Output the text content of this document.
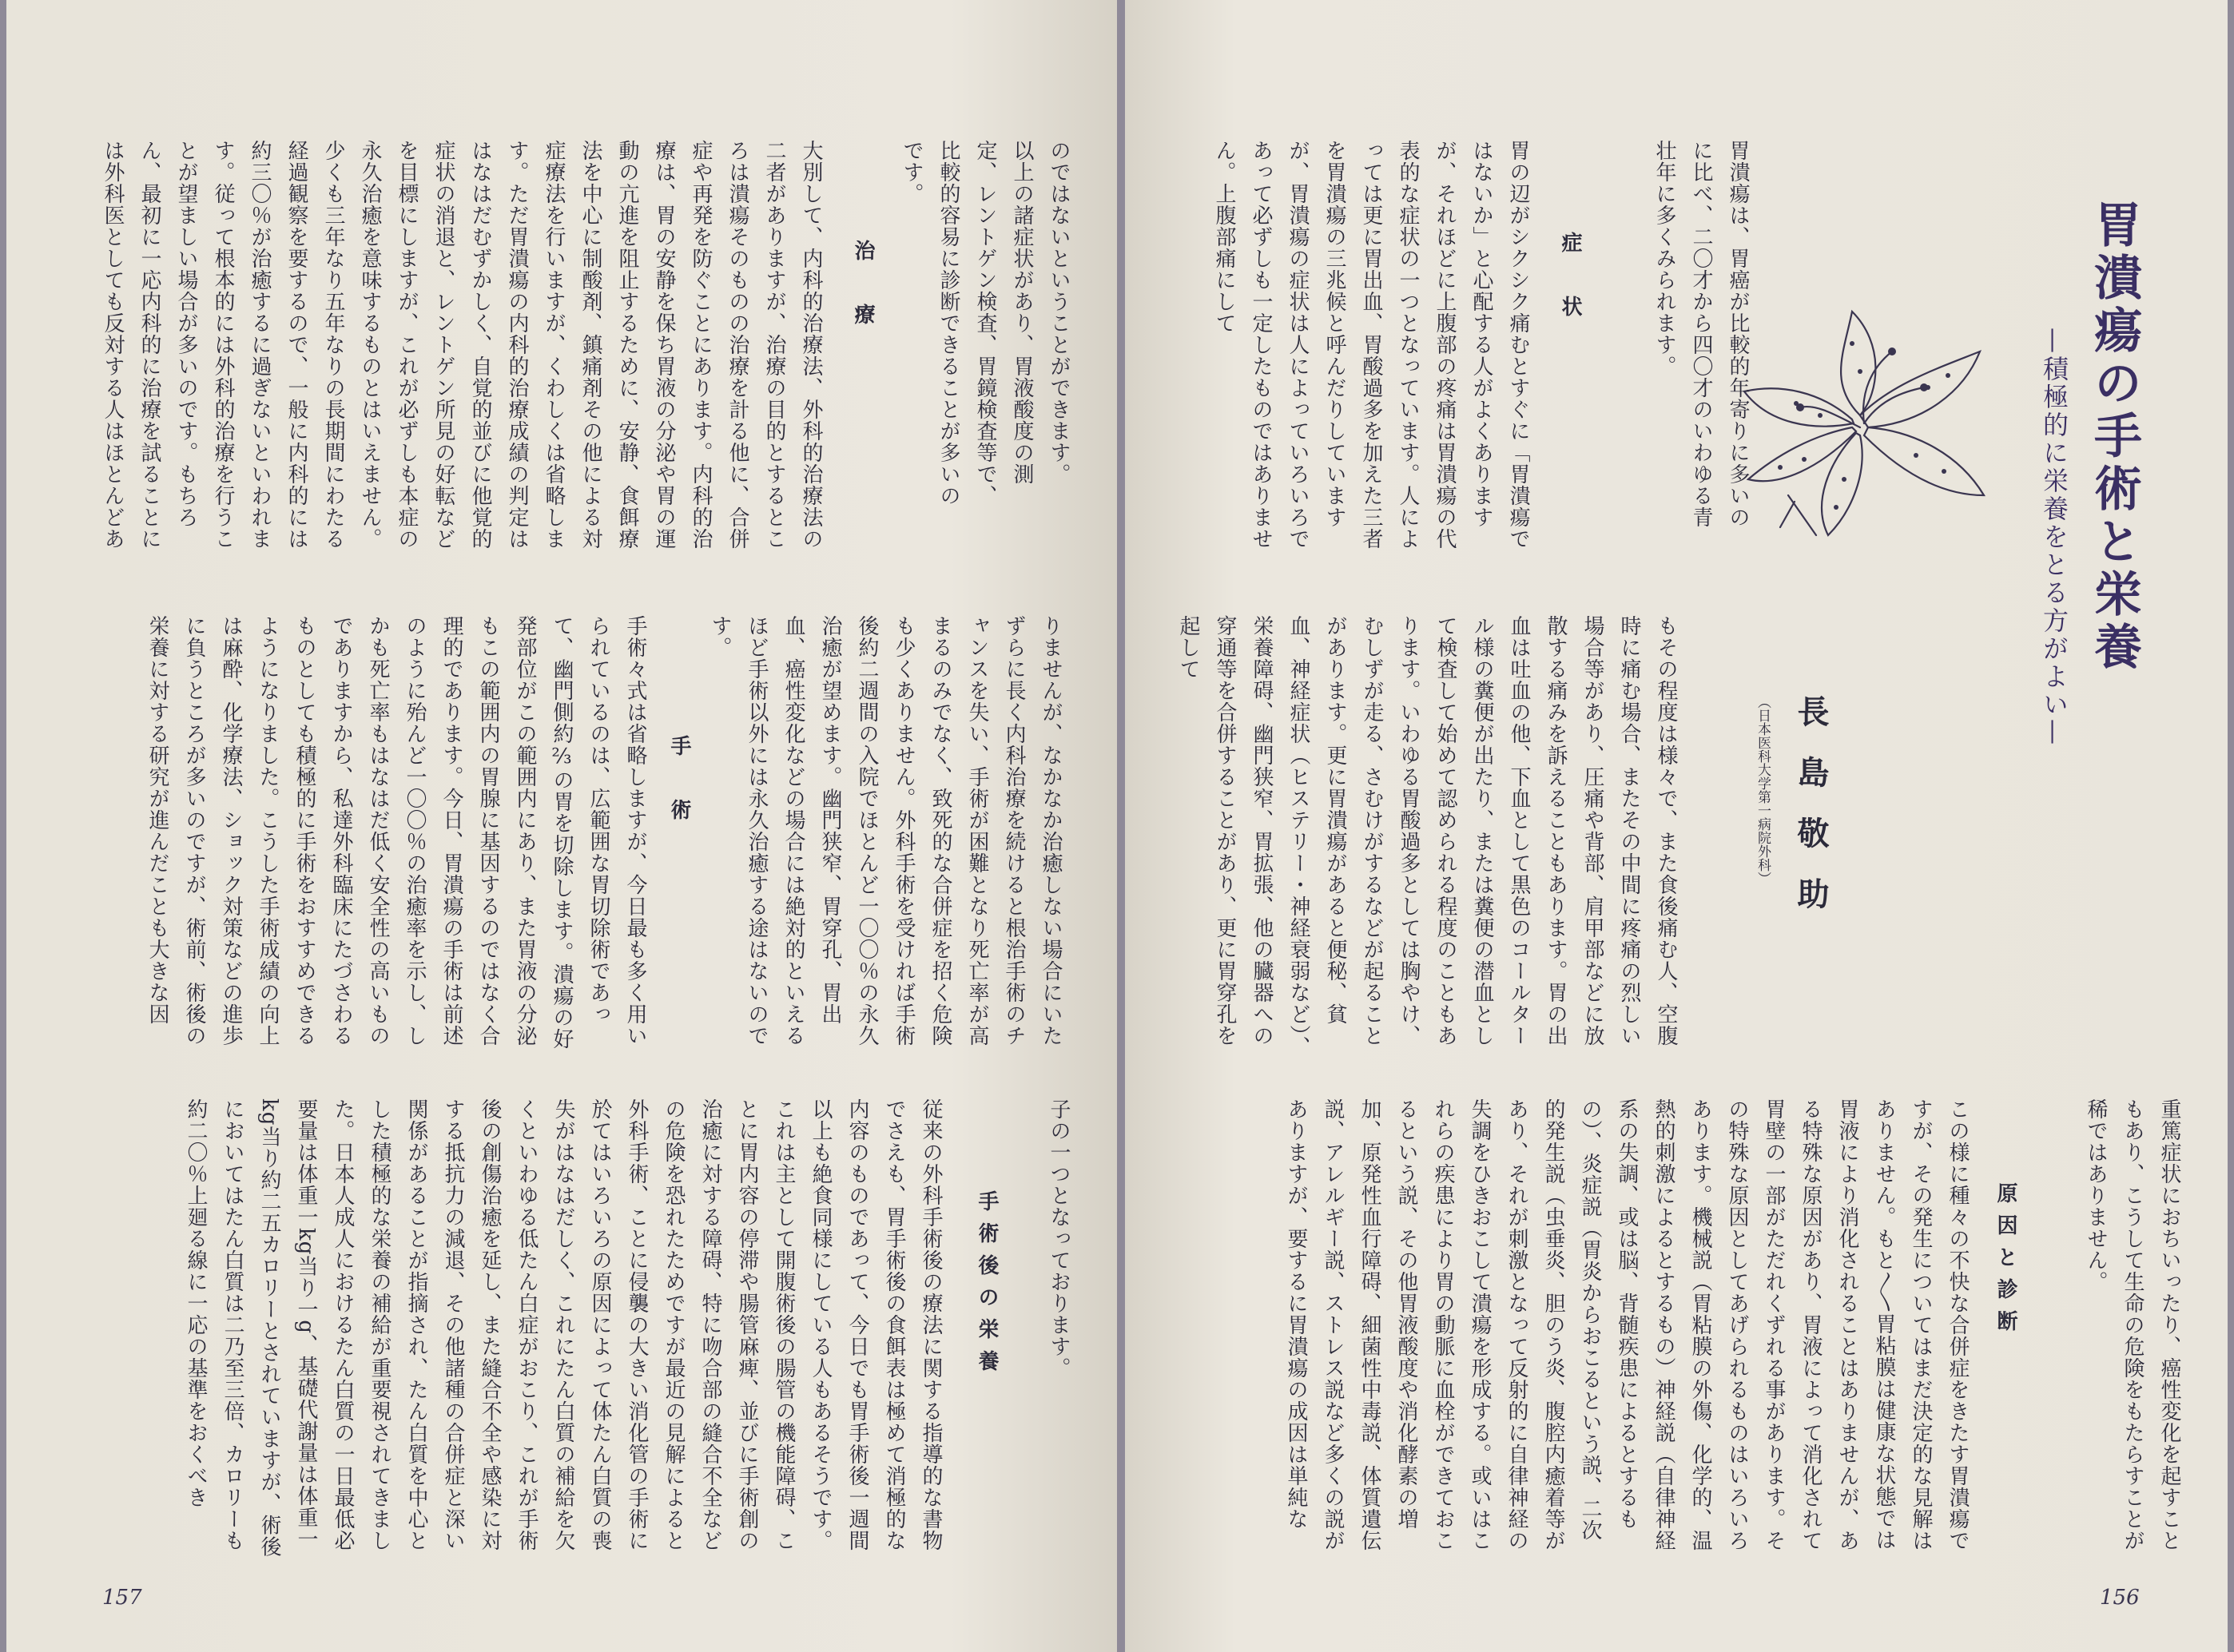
のではないということができます。
以上の諸症状があり、胃液酸度の測定、レントゲン検査、胃鏡検査等で、比較的容易に診断できることが多いのです。
治　療
大別して、内科的治療法、外科的治療法の二者がありますが、治療の目的とするところは潰瘍そのものの治療を計る他に、合併症や再発を防ぐことにあります。内科的治療は、胃の安静を保ち胃液の分泌や胃の運動の亢進を阻止するために、安静、食餌療法を中心に制酸剤、鎮痛剤その他による対症療法を行いますが、くわしくは省略します。ただ胃潰瘍の内科的治療成績の判定ははなはだむずかしく、自覚的並びに他覚的症状の消退と、レントゲン所見の好転などを目標にしますが、これが必ずしも本症の永久治癒を意味するものとはいえません。少くも三年なり五年なりの長期間にわたる経過観察を要するので、一般に内科的には約三〇％が治癒するに過ぎないといわれます。従って根本的には外科的治療を行うことが望ましい場合が多いのです。もちろん、最初に一応内科的に治療を試ることには外科医としても反対する人はほとんどあ
りませんが、なかなか治癒しない場合にいたずらに長く内科治療を続けると根治手術のチャンスを失い、手術が困難となり死亡率が高まるのみでなく、致死的な合併症を招く危険も少くありません。外科手術を受ければ手術後約二週間の入院でほとんど一〇〇％の永久治癒が望めます。幽門狭窄、胃穿孔、胃出血、癌性変化などの場合には絶対的といえるほど手術以外には永久治癒する途はないのです。
手　術
手術々式は省略しますが、今日最も多く用いられているのは、広範囲な胃切除術であって、幽門側約⅔の胃を切除します。潰瘍の好発部位がこの範囲内にあり、また胃液の分泌もこの範囲内の胃腺に基因するのではなく合理的であります。今日、胃潰瘍の手術は前述のように殆んど一〇〇％の治癒率を示し、しかも死亡率もはなはだ低く安全性の高いものでありますから、私達外科臨床にたづさわるものとしても積極的に手術をおすすめできるようになりました。こうした手術成績の向上は麻酔、化学療法、ショック対策などの進歩に負うところが多いのですが、術前、術後の栄養に対する研究が進んだことも大きな因
子の一つとなっております。
手術後の栄養
従来の外科手術後の療法に関する指導的な書物でさえも、胃手術後の食餌表は極めて消極的な内容のものであって、今日でも胃手術後一週間以上も絶食同様にしている人もあるそうです。これは主として開腹術後の腸管の機能障碍、ことに胃内容の停滞や腸管麻痺、並びに手術創の治癒に対する障碍、特に吻合部の縫合不全などの危険を恐れたためですが最近の見解によると外科手術、ことに侵襲の大きい消化管の手術に於てはいろいろの原因によって体たん白質の喪失がはなはだしく、これにたん白質の補給を欠くといわゆる低たん白症がおこり、これが手術後の創傷治癒を延し、また縫合不全や感染に対する抵抗力の減退、その他諸種の合併症と深い関係があることが指摘され、たん白質を中心とした積極的な栄養の補給が重要視されてきました。日本人成人におけるたん白質の一日最低必要量は体重一kg当り一g、基礎代謝量は体重一kg当り約二五カロリーとされていますが、術後においてはたん白質は二乃至三倍、カロリーも約二〇％上廻る線に一応の基準をおくべき
157
胃潰瘍の手術と栄養
—積極的に栄養をとる方がよい—
長島敬助
（日本医科大学第一病院外科）
胃潰瘍は、胃癌が比較的年寄りに多いのに比べ、二〇才から四〇才のいわゆる青壮年に多くみられます。
症　状
胃の辺がシクシク痛むとすぐに「胃潰瘍ではないか」と心配する人がよくありますが、それほどに上腹部の疼痛は胃潰瘍の代表的な症状の一つとなっています。人によっては更に胃出血、胃酸過多を加えた三者を胃潰瘍の三兆候と呼んだりしていますが、胃潰瘍の症状は人によっていろいろであって必ずしも一定したものではありません。上腹部痛にして
もその程度は様々で、また食後痛む人、空腹時に痛む場合、またその中間に疼痛の烈しい場合等があり、圧痛や背部、肩甲部などに放散する痛みを訴えることもあります。胃の出血は吐血の他、下血として黒色のコールタール様の糞便が出たり、または糞便の潜血として検査して始めて認められる程度のこともあります。いわゆる胃酸過多としては胸やけ、むしずが走る、さむけがするなどが起ることがあります。更に胃潰瘍があると便秘、貧血、神経症状（ヒステリー・神経衰弱など）、栄養障碍、幽門狭窄、胃拡張、他の臓器への穿通等を合併することがあり、更に胃穿孔を起して
重篤症状におちいったり、癌性変化を起すこともあり、こうして生命の危険をもたらすことが稀ではありません。
原因と診断
この様に種々の不快な合併症をきたす胃潰瘍ですが、その発生についてはまだ決定的な見解はありません。もと〳〵胃粘膜は健康な状態では胃液により消化されることはありませんが、ある特殊な原因があり、胃液によって消化されて胃壁の一部がただれくずれる事があります。その特殊な原因としてあげられるものはいろいろあります。機械説（胃粘膜の外傷、化学的、温熱的刺激によるとするもの）神経説（自律神経系の失調、或は脳、背髄疾患によるとするもの）、炎症説（胃炎からおこるという説、二次的発生説（虫垂炎、胆のう炎、腹腔内癒着等があり、それが刺激となって反射的に自律神経の失調をひきおこして潰瘍を形成する。或いはこれらの疾患により胃の動脈に血栓ができておこるという説、その他胃液酸度や消化酵素の増加、原発性血行障碍、細菌性中毒説、体質遺伝説、アレルギー説、ストレス説など多くの説がありますが、要するに胃潰瘍の成因は単純な
156
